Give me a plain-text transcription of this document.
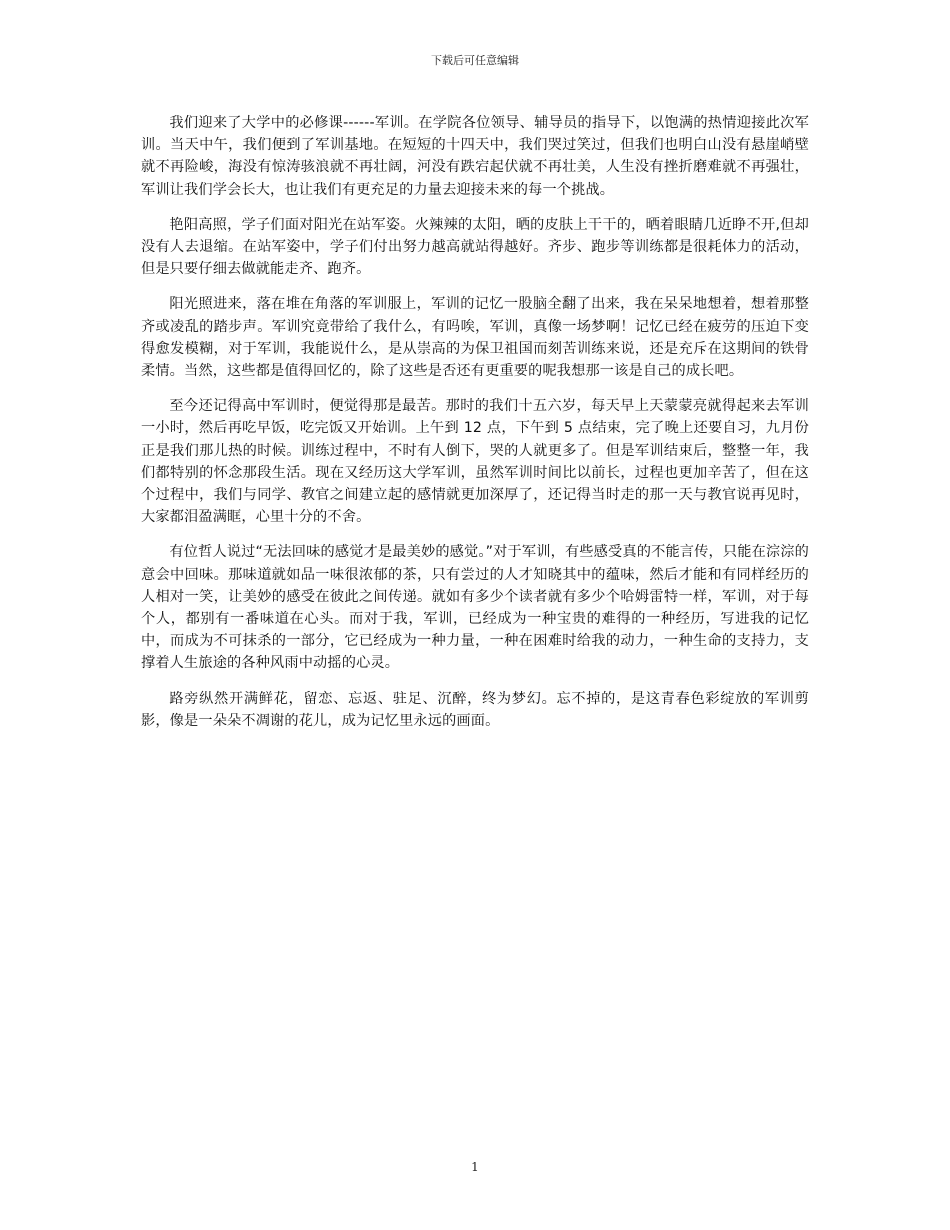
下载后可任意编辑

我们迎来了大学中的必修课------军训。在学院各位领导、辅导员的指导下，以饱满的热情迎接此次军训。当天中午，我们便到了军训基地。在短短的十四天中，我们哭过笑过，但我们也明白山没有悬崖峭壁就不再险峻，海没有惊涛骇浪就不再壮阔，河没有跌宕起伏就不再壮美，人生没有挫折磨难就不再强壮，军训让我们学会长大，也让我们有更充足的力量去迎接未来的每一个挑战。

艳阳高照，学子们面对阳光在站军姿。火辣辣的太阳，晒的皮肤上干干的，晒着眼睛几近睁不开,但却没有人去退缩。在站军姿中，学子们付出努力越高就站得越好。齐步、跑步等训练都是很耗体力的活动，但是只要仔细去做就能走齐、跑齐。

阳光照进来，落在堆在角落的军训服上，军训的记忆一股脑全翻了出来，我在呆呆地想着，想着那整齐或凌乱的踏步声。军训究竟带给了我什么，有吗唉，军训，真像一场梦啊！记忆已经在疲劳的压迫下变得愈发模糊，对于军训，我能说什么，是从崇高的为保卫祖国而刻苦训练来说，还是充斥在这期间的铁骨柔情。当然，这些都是值得回忆的，除了这些是否还有更重要的呢我想那一该是自己的成长吧。

至今还记得高中军训时，便觉得那是最苦。那时的我们十五六岁，每天早上天蒙蒙亮就得起来去军训一小时，然后再吃早饭，吃完饭又开始训。上午到 12 点，下午到 5 点结束，完了晚上还要自习，九月份正是我们那儿热的时候。训练过程中，不时有人倒下，哭的人就更多了。但是军训结束后，整整一年，我们都特别的怀念那段生活。现在又经历这大学军训，虽然军训时间比以前长，过程也更加辛苦了，但在这个过程中，我们与同学、教官之间建立起的感情就更加深厚了，还记得当时走的那一天与教官说再见时，大家都泪盈满眶，心里十分的不舍。

有位哲人说过“无法回味的感觉才是最美妙的感觉。”对于军训，有些感受真的不能言传，只能在淙淙的意会中回味。那味道就如品一味很浓郁的茶，只有尝过的人才知晓其中的蕴味，然后才能和有同样经历的人相对一笑，让美妙的感受在彼此之间传递。就如有多少个读者就有多少个哈姆雷特一样，军训，对于每个人，都别有一番味道在心头。而对于我，军训，已经成为一种宝贵的难得的一种经历，写进我的记忆中，而成为不可抹杀的一部分，它已经成为一种力量，一种在困难时给我的动力，一种生命的支持力，支撑着人生旅途的各种风雨中动摇的心灵。

路旁纵然开满鲜花，留恋、忘返、驻足、沉醉，终为梦幻。忘不掉的，是这青春色彩绽放的军训剪影，像是一朵朵不凋谢的花儿，成为记忆里永远的画面。

1
